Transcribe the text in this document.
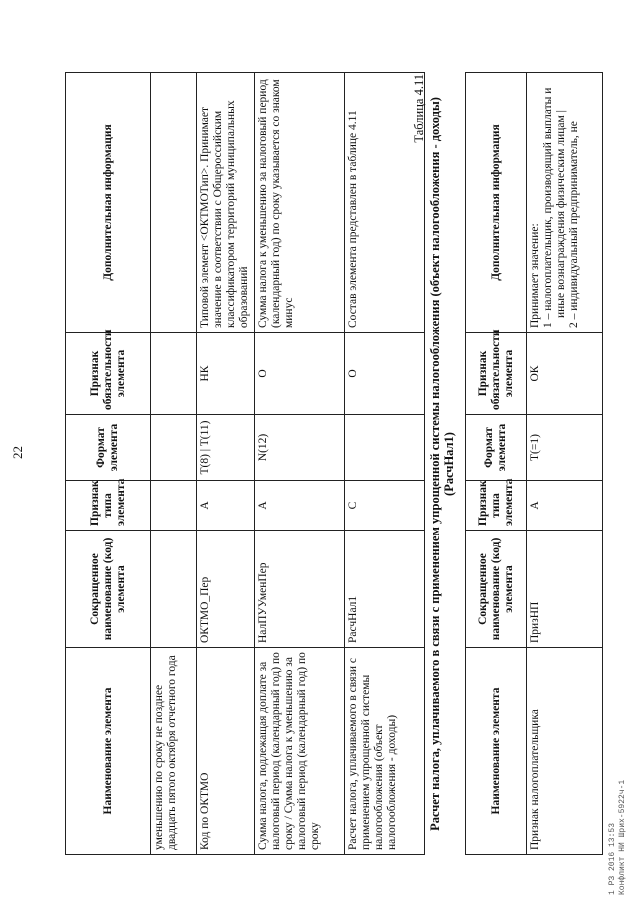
22
Наименование элемента	Сокращенное наименование (код) элемента	Признак типа элемента	Формат элемента	Признак обязательности элемента	Дополнительная информация
уменьшению по сроку не позднее двадцать пятого октября отчетного года					
Код по ОКТМО	ОКТМО_Пер	А	T(8) | T(11)	НК	Типовой элемент <ОКТМОТип>. Принимает значение в соответствии с Общероссийским классификатором территорий муниципальных образований
Сумма налога, подлежащая доплате за налоговый период (календарный год) по сроку / Сумма налога к уменьшению за налоговый период (календарный год) по сроку	НалПУУменПер	А	N(12)	О	Сумма налога к уменьшению за налоговый период (календарный год) по сроку указывается со знаком минус
Расчет налога, уплачиваемого в связи с применением упрощенной системы налогообложения (объект налогообложения - доходы)	РасчНал1	С		О	Состав элемента представлен в таблице 4.11
Таблица 4.11 Расчет налога, уплачиваемого в связи с применением упрощенной системы налогообложения (объект налогообложения - доходы) (РасчНал1)
Наименование элемента	Сокращенное наименование (код) элемента	Признак типа элемента	Формат элемента	Признак обязательности элемента	Дополнительная информация
Признак налогоплательщика	ПризНП	А	T(=1)	ОК	Принимает значение: 1 – налогоплательщик, производящий выплаты и иные вознаграждения физическим лицам | 2 – индивидуальный предприниматель, не
1 РЗ 2016 13:53 Конфликт НИ Шрих-5922ч-1
